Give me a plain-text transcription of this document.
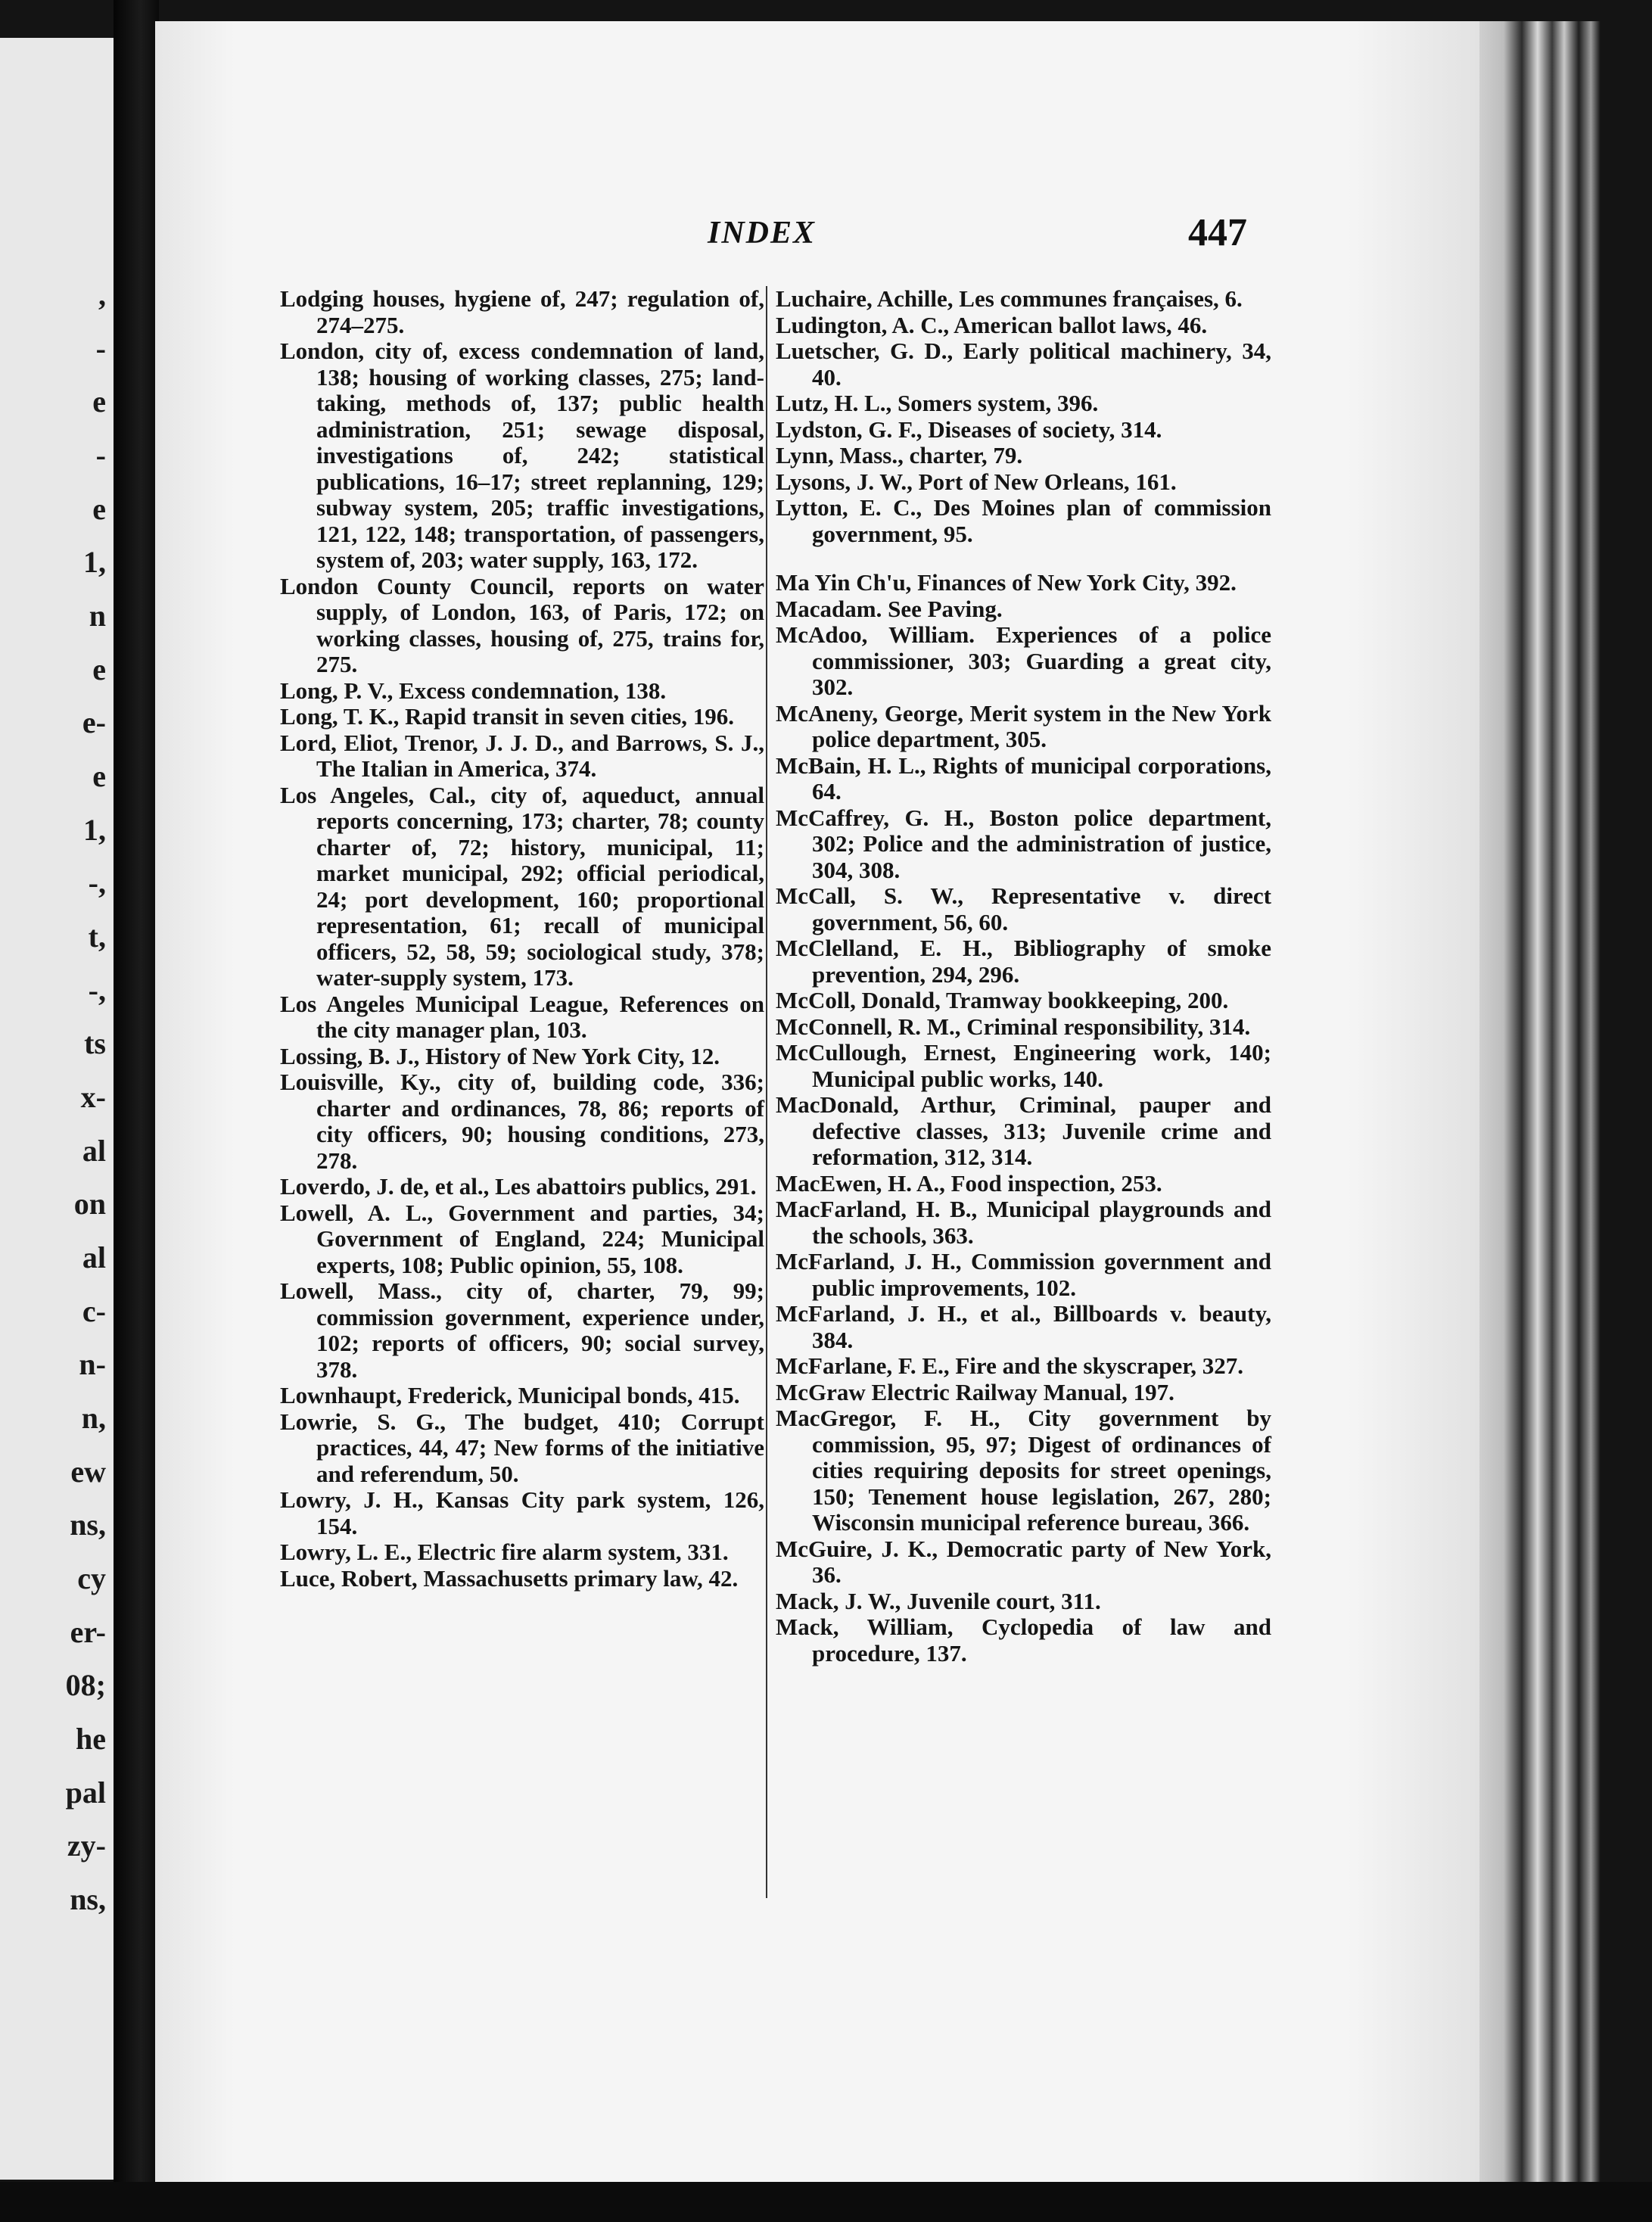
,
-
e
-
e
1,
n
e
e-
e
1,
-,
t,
-,
ts
x-
al
on
al
c-
n-
n,
ew
ns,
cy
er-
08;
he
pal
zy-
ns,
INDEX	447

Lodging houses, hygiene of, 247; regulation of, 274–275.

London, city of, excess condemnation of land, 138; housing of working classes, 275; land-taking, methods of, 137; public health administration, 251; sewage disposal, investigations of, 242; statistical publications, 16–17; street replanning, 129; subway system, 205; traffic investigations, 121, 122, 148; transportation, of passengers, system of, 203; water supply, 163, 172.

London County Council, reports on water supply, of London, 163, of Paris, 172; on working classes, housing of, 275, trains for, 275.

Long, P. V., Excess condemnation, 138.

Long, T. K., Rapid transit in seven cities, 196.

Lord, Eliot, Trenor, J. J. D., and Barrows, S. J., The Italian in America, 374.

Los Angeles, Cal., city of, aqueduct, annual reports concerning, 173; charter, 78; county charter of, 72; history, municipal, 11; market municipal, 292; official periodical, 24; port development, 160; proportional representation, 61; recall of municipal officers, 52, 58, 59; sociological study, 378; water-supply system, 173.

Los Angeles Municipal League, References on the city manager plan, 103.

Lossing, B. J., History of New York City, 12.

Louisville, Ky., city of, building code, 336; charter and ordinances, 78, 86; reports of city officers, 90; housing conditions, 273, 278.

Loverdo, J. de, et al., Les abattoirs publics, 291.

Lowell, A. L., Government and parties, 34; Government of England, 224; Municipal experts, 108; Public opinion, 55, 108.

Lowell, Mass., city of, charter, 79, 99; commission government, experience under, 102; reports of officers, 90; social survey, 378.

Lownhaupt, Frederick, Municipal bonds, 415.

Lowrie, S. G., The budget, 410; Corrupt practices, 44, 47; New forms of the initiative and referendum, 50.

Lowry, J. H., Kansas City park system, 126, 154.

Lowry, L. E., Electric fire alarm system, 331.

Luce, Robert, Massachusetts primary law, 42.

Luchaire, Achille, Les communes françaises, 6.

Ludington, A. C., American ballot laws, 46.

Luetscher, G. D., Early political machinery, 34, 40.

Lutz, H. L., Somers system, 396.

Lydston, G. F., Diseases of society, 314.

Lynn, Mass., charter, 79.

Lysons, J. W., Port of New Orleans, 161.

Lytton, E. C., Des Moines plan of commission government, 95.

Ma Yin Ch'u, Finances of New York City, 392.

Macadam. See Paving.

McAdoo, William. Experiences of a police commissioner, 303; Guarding a great city, 302.

McAneny, George, Merit system in the New York police department, 305.

McBain, H. L., Rights of municipal corporations, 64.

McCaffrey, G. H., Boston police department, 302; Police and the administration of justice, 304, 308.

McCall, S. W., Representative v. direct government, 56, 60.

McClelland, E. H., Bibliography of smoke prevention, 294, 296.

McColl, Donald, Tramway bookkeeping, 200.

McConnell, R. M., Criminal responsibility, 314.

McCullough, Ernest, Engineering work, 140; Municipal public works, 140.

MacDonald, Arthur, Criminal, pauper and defective classes, 313; Juvenile crime and reformation, 312, 314.

MacEwen, H. A., Food inspection, 253.

MacFarland, H. B., Municipal playgrounds and the schools, 363.

McFarland, J. H., Commission government and public improvements, 102.

McFarland, J. H., et al., Billboards v. beauty, 384.

McFarlane, F. E., Fire and the skyscraper, 327.

McGraw Electric Railway Manual, 197.

MacGregor, F. H., City government by commission, 95, 97; Digest of ordinances of cities requiring deposits for street openings, 150; Tenement house legislation, 267, 280; Wisconsin municipal reference bureau, 366.

McGuire, J. K., Democratic party of New York, 36.

Mack, J. W., Juvenile court, 311.

Mack, William, Cyclopedia of law and procedure, 137.
